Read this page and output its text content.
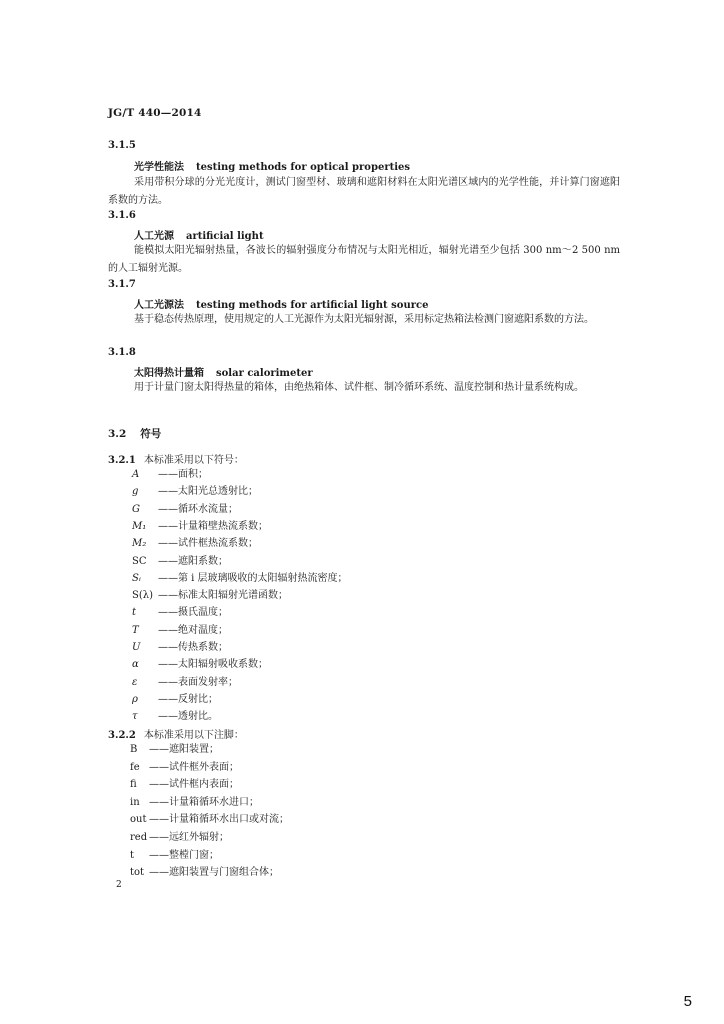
JG/T 440—2014
3.1.5
光学性能法 testing methods for optical properties
采用带积分球的分光光度计，测试门窗型材、玻璃和遮阳材料在太阳光谱区域内的光学性能，并计算门窗遮阳系数的方法。
3.1.6
人工光源 artificial light
能模拟太阳光辐射热量，各波长的辐射强度分布情况与太阳光相近，辐射光谱至少包括 300 nm～2 500 nm 的人工辐射光源。
3.1.7
人工光源法 testing methods for artificial light source
基于稳态传热原理，使用规定的人工光源作为太阳光辐射源，采用标定热箱法检测门窗遮阳系数的方法。
3.1.8
太阳得热计量箱 solar calorimeter
用于计量门窗太阳得热量的箱体，由绝热箱体、试件框、制冷循环系统、温度控制和热计量系统构成。
3.2 符号
3.2.1 本标准采用以下符号：
A ——面积；
g ——太阳光总透射比；
G ——循环水流量；
M₁ ——计量箱壁热流系数；
M₂ ——试件框热流系数；
SC ——遮阳系数；
Sᵢ ——第 i 层玻璃吸收的太阳辐射热流密度；
S(λ) ——标准太阳辐射光谱函数；
t ——摄氏温度；
T ——绝对温度；
U ——传热系数；
α ——太阳辐射吸收系数；
ε ——表面发射率；
ρ ——反射比；
τ ——透射比。
3.2.2 本标准采用以下注脚：
B ——遮阳装置；
fe ——试件框外表面；
fi ——试件框内表面；
in ——计量箱循环水进口；
out ——计量箱循环水出口或对流；
red ——远红外辐射；
t ——整樘门窗；
tot ——遮阳装置与门窗组合体；
2
5
